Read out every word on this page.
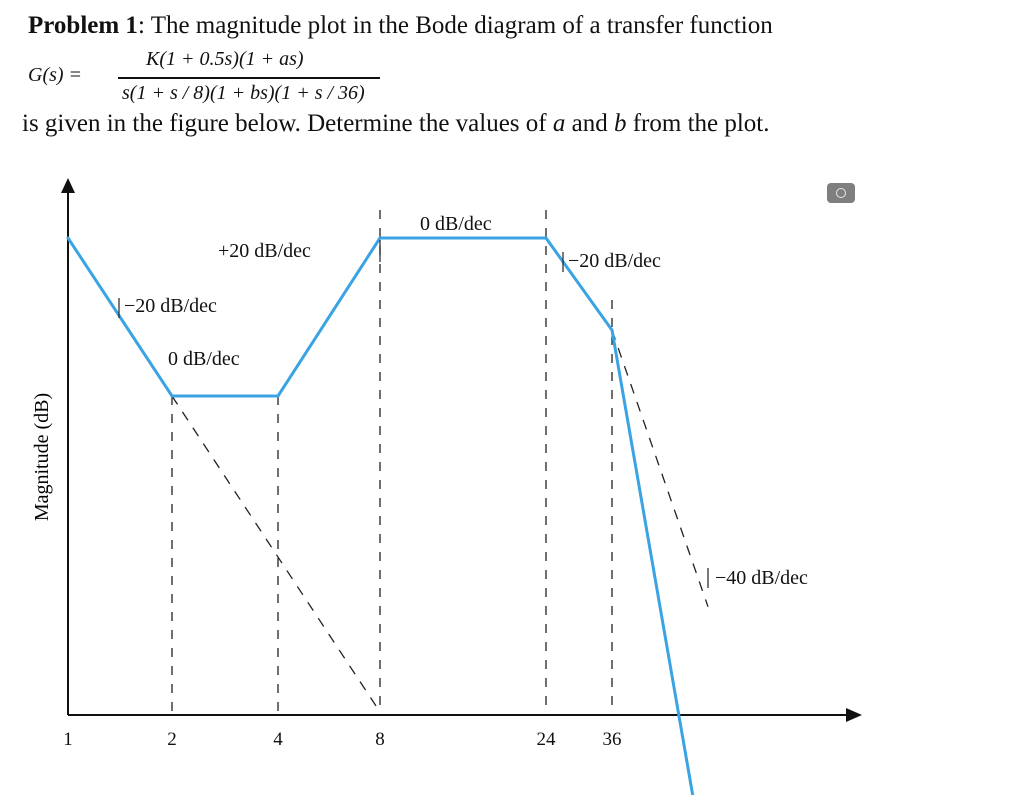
Problem 1: The magnitude plot in the Bode diagram of a transfer function
G(s) =
K(1 + 0.5s)(1 + as)
s(1 + s / 8)(1 + bs)(1 + s / 36)
is given in the figure below. Determine the values of a and b from the plot.
Magnitude (dB)
1	2	4	8	24 36
−20 dB/dec
0 dB/dec
+20 dB/dec
0 dB/dec
−20 dB/dec
−40 dB/dec
